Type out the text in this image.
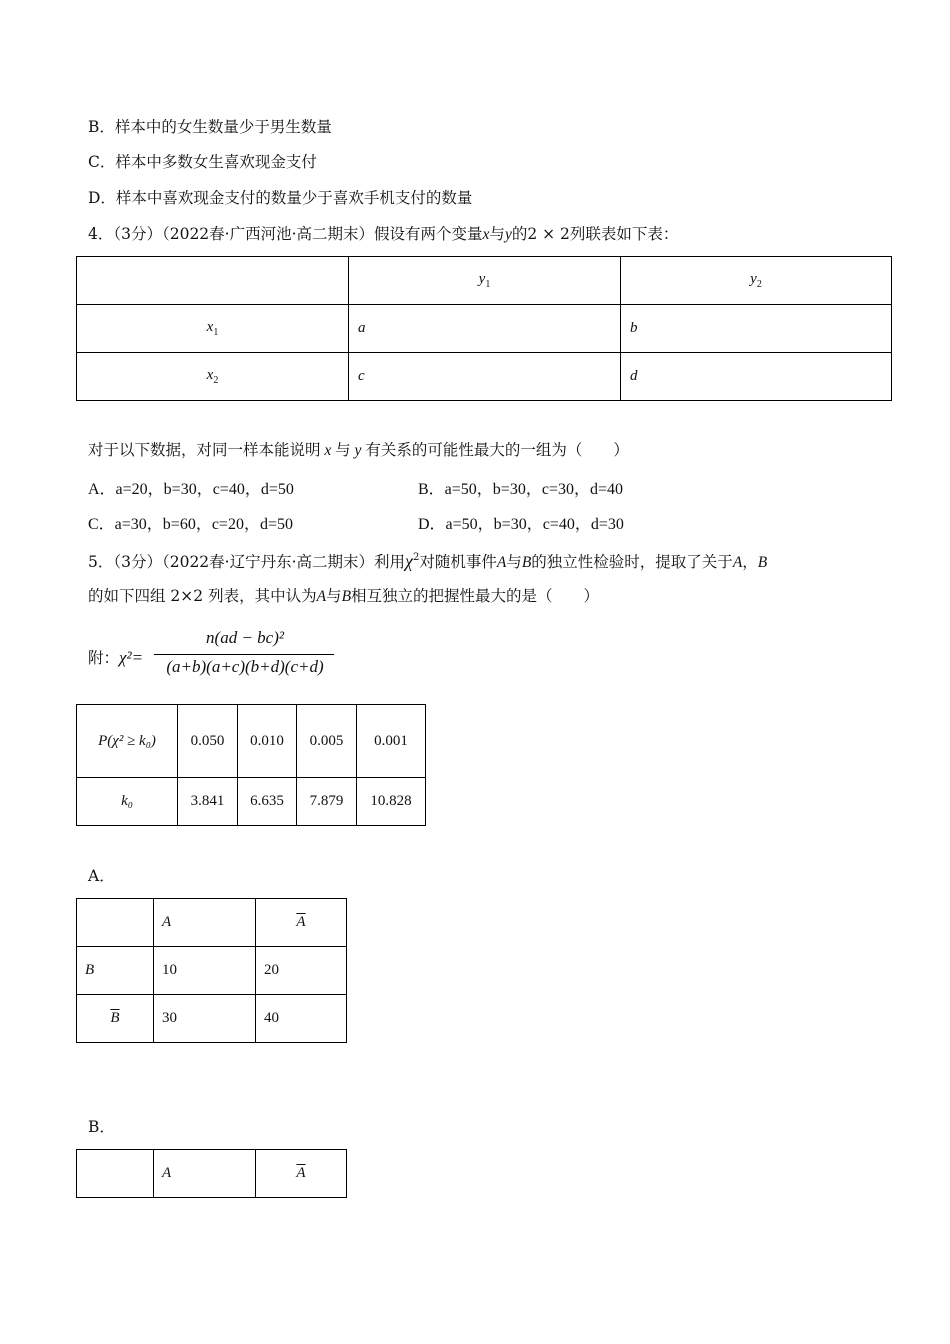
B．样本中的女生数量少于男生数量
C．样本中多数女生喜欢现金支付
D．样本中喜欢现金支付的数量少于喜欢手机支付的数量
4．（3分）（2022春·广西河池·高二期末）假设有两个变量x与y的2 × 2列联表如下表：
	$y_1$	$y_2$
$x_1$	a	b
$x_2$	c	d
对于以下数据，对同一样本能说明 x 与 y 有关系的可能性最大的一组为（　　）
A．a=20，b=30，c=40，d=50	B．a=50，b=30，c=30，d=40
C．a=30，b=60，c=20，d=50	D．a=50，b=30，c=40，d=30
5．（3分）（2022春·辽宁丹东·高二期末）利用$\chi^2$对随机事件A与B的独立性检验时，提取了关于A，B
的如下四组 2×2 列表，其中认为A与B相互独立的把握性最大的是（　　）
附：χ²=
n(ad − bc)²
(a+b)(a+c)(b+d)(c+d)
P(χ² ≥ k₀)	0.050	0.010	0.005	0.001
k₀	3.841	6.635	7.879	10.828
A．
	A	$\overline{A}$
B	10	20
$\overline{B}$	30	40
B．
	A	$\overline{A}$
